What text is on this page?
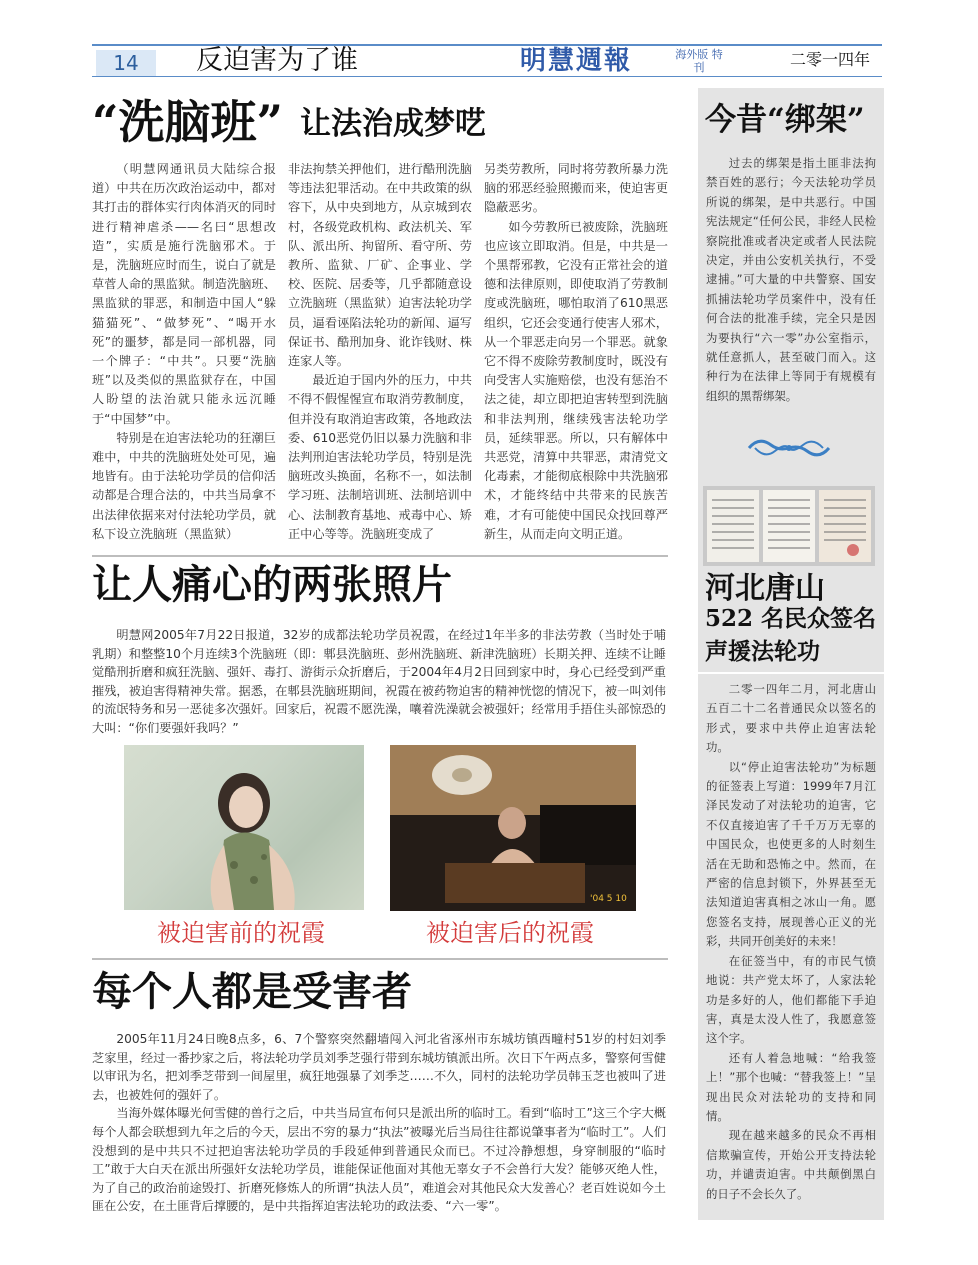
14	反迫害为了谁	明慧週報	海外版 特刊	二零一四年
“洗脑班” 让法治成梦呓

（明慧网通讯员大陆综合报道）中共在历次政治运动中，都对其打击的群体实行肉体消灭的同时进行精神虐杀——名曰“思想改造”，实质是施行洗脑邪术。于是，洗脑班应时而生，说白了就是草菅人命的黑监狱。制造洗脑班、黑监狱的罪恶，和制造中国人“躲猫猫死”、“做梦死”、“喝开水死”的噩梦，都是同一部机器，同一个牌子：“中共”。只要“洗脑班”以及类似的黑监狱存在，中国人盼望的法治就只能永远沉睡于“中国梦”中。

特别是在迫害法轮功的狂潮巨难中，中共的洗脑班处处可见，遍地皆有。由于法轮功学员的信仰活动都是合理合法的，中共当局拿不出法律依据来对付法轮功学员，就私下设立洗脑班（黑监狱）

非法拘禁关押他们，进行酷刑洗脑等违法犯罪活动。在中共政策的纵容下，从中央到地方，从京城到农村，各级党政机构、政法机关、军队、派出所、拘留所、看守所、劳教所、监狱、厂矿、企事业、学校、医院、居委等，几乎都随意设立洗脑班（黑监狱）迫害法轮功学员，逼看诬陷法轮功的新闻、逼写保证书、酷刑加身、讹诈钱财、株连家人等。

最近迫于国内外的压力，中共不得不假惺惺宣布取消劳教制度，但并没有取消迫害政策，各地政法委、610恶党仍旧以暴力洗脑和非法判刑迫害法轮功学员，特别是洗脑班改头换面，名称不一，如法制学习班、法制培训班、法制培训中心、法制教育基地、戒毒中心、矫正中心等等。洗脑班变成了

另类劳教所，同时将劳教所暴力洗脑的邪恶经验照搬而来，使迫害更隐蔽恶劣。

如今劳教所已被废除，洗脑班也应该立即取消。但是，中共是一个黑帮邪教，它没有正常社会的道德和法律原则，即使取消了劳教制度或洗脑班，哪怕取消了610黑恶组织，它还会变通行使害人邪术，从一个罪恶走向另一个罪恶。就象它不得不废除劳教制度时，既没有向受害人实施赔偿，也没有惩治不法之徒，却立即把迫害转型到洗脑和非法判刑，继续残害法轮功学员，延续罪恶。所以，只有解体中共恶党，清算中共罪恶，肃清党文化毒素，才能彻底根除中共洗脑邪术，才能终结中共带来的民族苦难，才有可能使中国民众找回尊严新生，从而走向文明正道。

让人痛心的两张照片

明慧网2005年7月22日报道，32岁的成都法轮功学员祝霞，在经过1年半多的非法劳教（当时处于哺乳期）和整整10个月连续3个洗脑班（即：郫县洗脑班、彭州洗脑班、新津洗脑班）长期关押、连续不让睡觉酷刑折磨和疯狂洗脑、强奸、毒打、游街示众折磨后，于2004年4月2日回到家中时，身心已经受到严重摧残，被迫害得精神失常。据悉，在郫县洗脑班期间，祝霞在被药物迫害的精神恍惚的情况下，被一叫刘伟的流氓特务和另一恶徒多次强奸。回家后，祝霞不愿洗澡，嚷着洗澡就会被强奸；经常用手捂住头部惊恐的大叫：“你们要强奸我吗？”

'04 5 10
被迫害前的祝霞	被迫害后的祝霞
每个人都是受害者

2005年11月24日晚8点多，6、7个警察突然翻墙闯入河北省涿州市东城坊镇西疃村51岁的村妇刘季芝家里，经过一番抄家之后，将法轮功学员刘季芝强行带到东城坊镇派出所。次日下午两点多，警察何雪健以审讯为名，把刘季芝带到一间屋里，疯狂地强暴了刘季芝……不久，同村的法轮功学员韩玉芝也被叫了进去，也被姓何的强奸了。

当海外媒体曝光何雪健的兽行之后，中共当局宣布何只是派出所的临时工。看到“临时工”这三个字大概每个人都会联想到九年之后的今天，层出不穷的暴力“执法”被曝光后当局往往都说肇事者为“临时工”。人们没想到的是中共只不过把迫害法轮功学员的手段延伸到普通民众而已。不过冷静想想，身穿制服的“临时工”敢于大白天在派出所强奸女法轮功学员，谁能保证他面对其他无辜女子不会兽行大发？能够灭绝人性，为了自己的政治前途毁打、折磨死修炼人的所谓“执法人员”，难道会对其他民众大发善心？老百姓说如今土匪在公安，在土匪背后撑腰的，是中共指挥迫害法轮功的政法委、“六一零”。

今昔“绑架”

过去的绑架是指土匪非法拘禁百姓的恶行；今天法轮功学员所说的绑架，是中共恶行。中国宪法规定“任何公民，非经人民检察院批准或者决定或者人民法院决定，并由公安机关执行，不受逮捕。”可大量的中共警察、国安抓捕法轮功学员案件中，没有任何合法的批准手续，完全只是因为要执行“六一零”办公室指示，就任意抓人，甚至破门而入。这种行为在法律上等同于有规模有组织的黑帮绑架。

河北唐山
522 名民众签名
声援法轮功

二零一四年二月，河北唐山五百二十二名普通民众以签名的形式，要求中共停止迫害法轮功。

以“停止迫害法轮功”为标题的征签表上写道：1999年7月江泽民发动了对法轮功的迫害，它不仅直接迫害了千千万万无辜的中国民众，也使更多的人时刻生活在无助和恐怖之中。然而，在严密的信息封锁下，外界甚至无法知道迫害真相之冰山一角。愿您签名支持，展现善心正义的光彩，共同开创美好的未来！

在征签当中，有的市民气愤地说：共产党太坏了，人家法轮功是多好的人，他们都能下手迫害，真是太没人性了，我愿意签这个字。

还有人着急地喊：“给我签上！”那个也喊：“替我签上！”呈现出民众对法轮功的支持和同情。

现在越来越多的民众不再相信欺骗宣传，开始公开支持法轮功，并谴责迫害。中共颠倒黑白的日子不会长久了。
